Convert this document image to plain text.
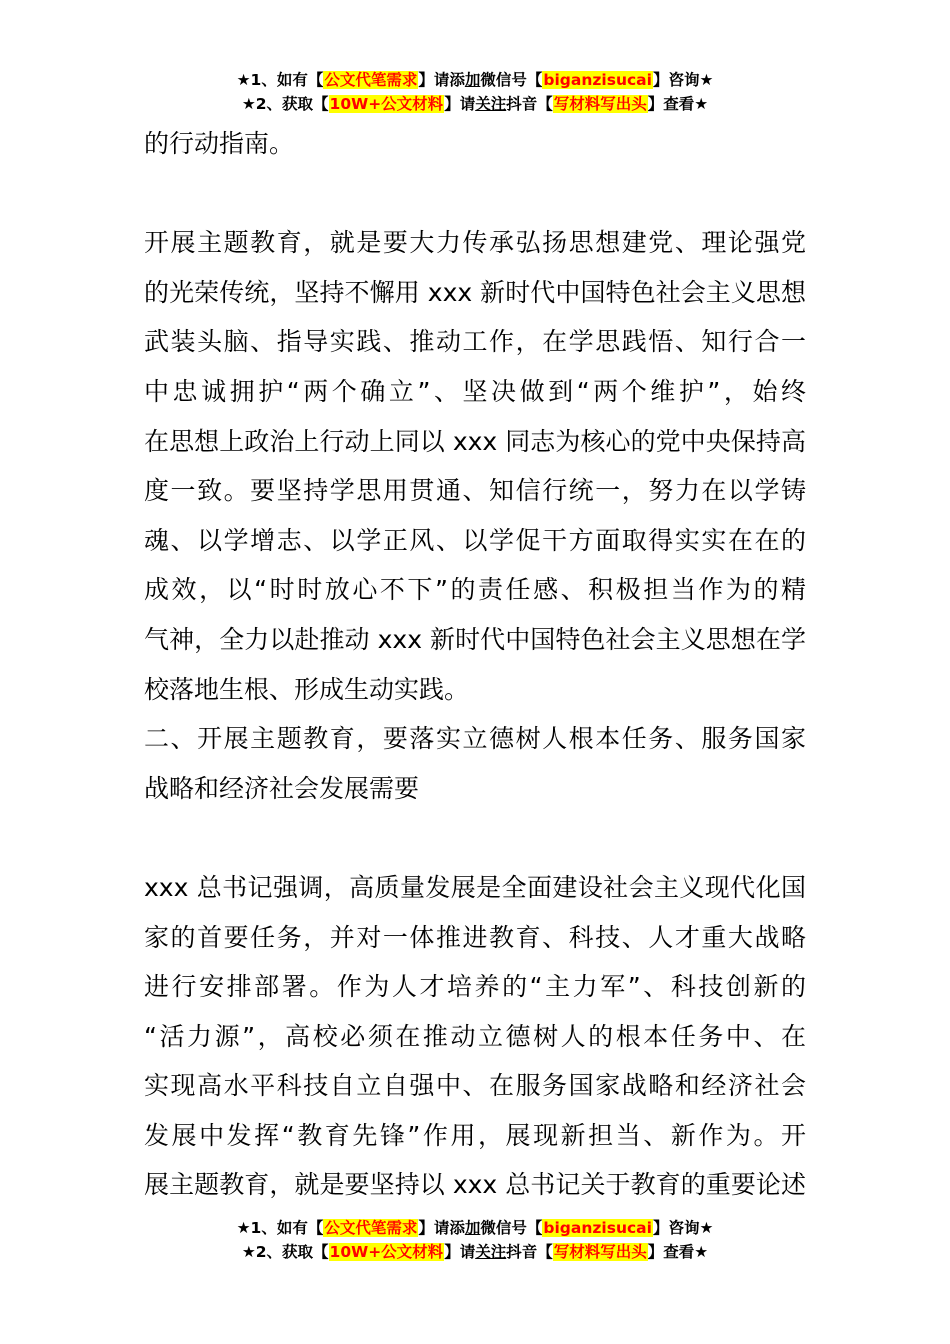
★1、如有【公文代笔需求】请添加微信号【biganzisucai】咨询★
★2、获取【10W+公文材料】请关注抖音【写材料写出头】查看★
的行动指南。
开展主题教育，就是要大力传承弘扬思想建党、理论强党
的光荣传统，坚持不懈用 xxx 新时代中国特色社会主义思想
武装头脑、指导实践、推动工作，在学思践悟、知行合一
中忠诚拥护“两个确立”、坚决做到“两个维护”，始终
在思想上政治上行动上同以 xxx 同志为核心的党中央保持高
度一致。要坚持学思用贯通、知信行统一，努力在以学铸
魂、以学增志、以学正风、以学促干方面取得实实在在的
成效，以“时时放心不下”的责任感、积极担当作为的精
气神，全力以赴推动 xxx 新时代中国特色社会主义思想在学
校落地生根、形成生动实践。
二、开展主题教育，要落实立德树人根本任务、服务国家
战略和经济社会发展需要
xxx 总书记强调，高质量发展是全面建设社会主义现代化国
家的首要任务，并对一体推进教育、科技、人才重大战略
进行安排部署。作为人才培养的“主力军”、科技创新的
“活力源”，高校必须在推动立德树人的根本任务中、在
实现高水平科技自立自强中、在服务国家战略和经济社会
发展中发挥“教育先锋”作用，展现新担当、新作为。开
展主题教育，就是要坚持以 xxx 总书记关于教育的重要论述
★1、如有【公文代笔需求】请添加微信号【biganzisucai】咨询★
★2、获取【10W+公文材料】请关注抖音【写材料写出头】查看★
